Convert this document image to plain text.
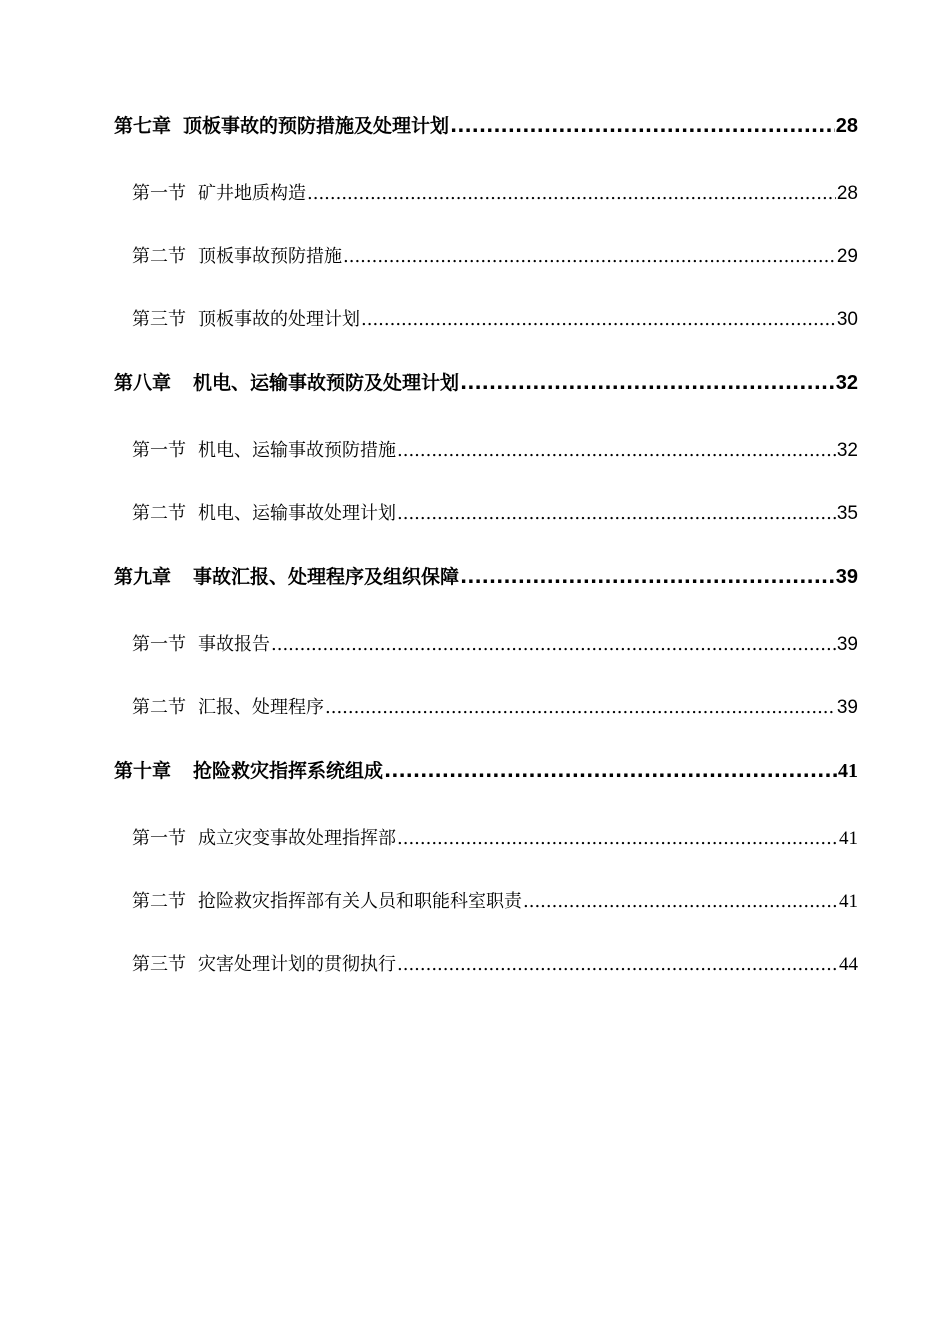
第七章 顶板事故的预防措施及处理计划 .....	28
第一节 矿井地质构造 .....	28
第二节 顶板事故预防措施 .....	29
第三节 顶板事故的处理计划 .....	30
第八章 机电、运输事故预防及处理计划 .....	32
第一节 机电、运输事故预防措施 .....	32
第二节 机电、运输事故处理计划 .....	35
第九章 事故汇报、处理程序及组织保障 .....	39
第一节 事故报告 .....	39
第二节 汇报、处理程序 .....	39
第十章 抢险救灾指挥系统组成 .....	41
第一节 成立灾变事故处理指挥部 .....	41
第二节 抢险救灾指挥部有关人员和职能科室职责 .....	41
第三节 灾害处理计划的贯彻执行 .....	44
